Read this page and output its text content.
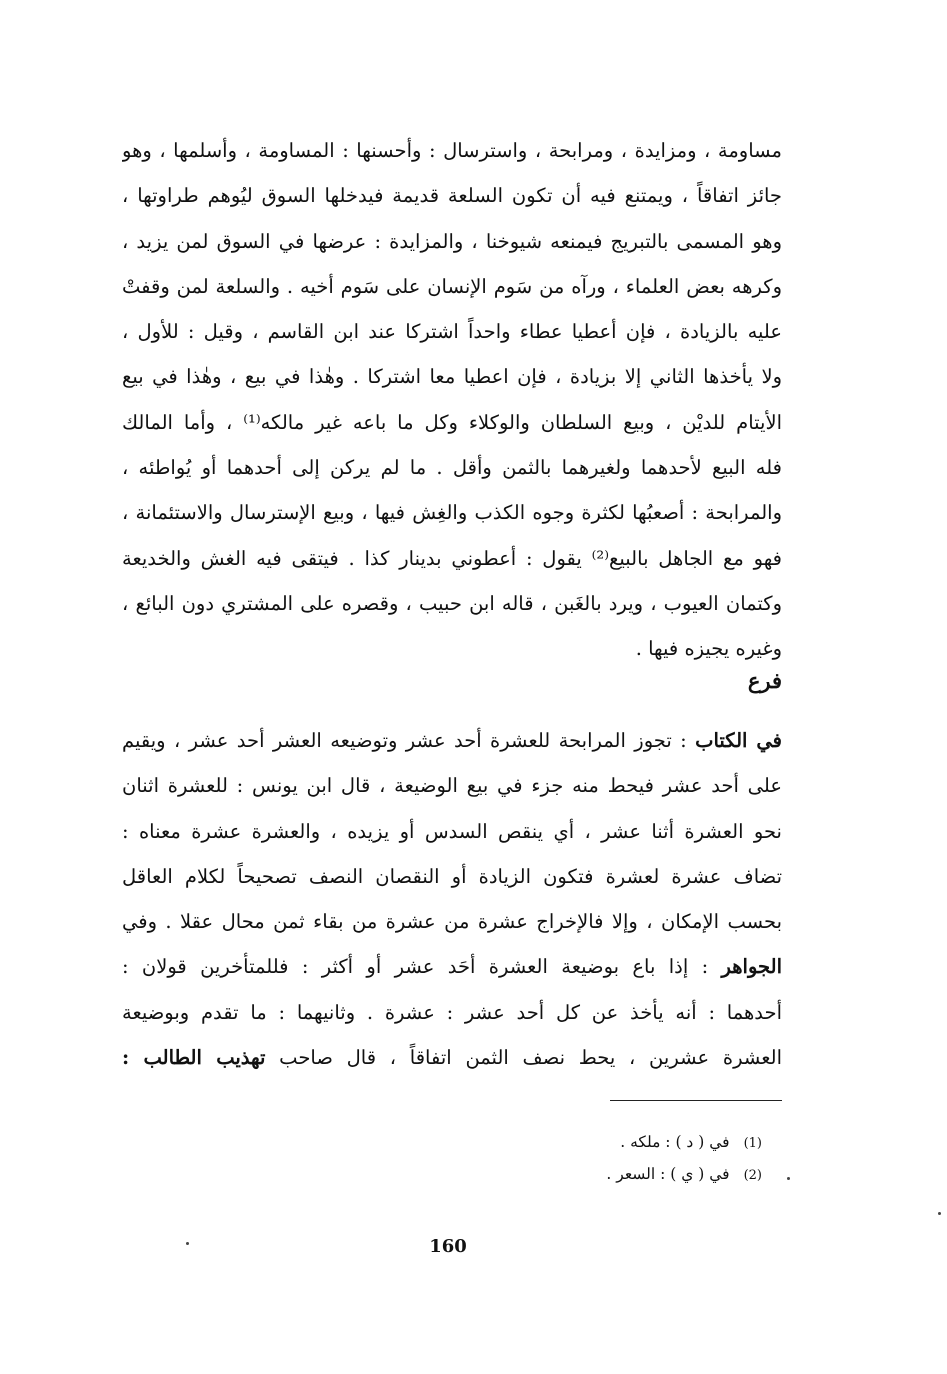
مساومة ، ومزايدة ، ومرابحة ، واسترسال : وأحسنها : المساومة ، وأسلمها ، وهو
جائز اتفاقاً ، ويمتنع فيه أن تكون السلعة قديمة فيدخلها السوق ليُوهم طراوتها ،
وهو المسمى بالتبريج فيمنعه شيوخنا ، والمزايدة : عرضها في السوق لمن يزيد ،
وكرهه بعض العلماء ، ورآه من سَوم الإنسان على سَوم أخيه . والسلعة لمن وقفتْ
عليه بالزيادة ، فإن أعطيا عطاء واحداً اشتركا عند ابن القاسم ، وقيل : للأول ،
ولا يأخذها الثاني إلا بزيادة ، فإن اعطيا معا اشتركا . وهٰذا في بيع ، وهٰذا في بيع
الأيتام للديْن ، وبيع السلطان والوكلاء وكل ما باعه غير مالكه⁽¹⁾ ، وأما المالك
فله البيع لأحدهما ولغيرهما بالثمن وأقل . ما لم يركن إلى أحدهما أو يُواطئه ،
والمرابحة : أصعبُها لكثرة وجوه الكذب والغِش فيها ، وبيع الإسترسال والاستئمانة ،
فهو مع الجاهل بالبيع⁽²⁾ يقول : أعطوني بدينار كذا . فيتقى فيه الغش والخديعة
وكتمان العيوب ، ويرد بالغَبن ، قاله ابن حبيب ، وقصره على المشتري دون البائع ،
وغيره يجيزه فيها .
فرع
في الكتاب : تجوز المرابحة للعشرة أحد عشر وتوضيعه العشر أحد عشر ، ويقيم
على أحد عشر فيحط منه جزء في بيع الوضيعة ، قال ابن يونس : للعشرة اثنان
نحو العشرة أثنا عشر ، أي ينقص السدس أو يزيده ، والعشرة عشرة معناه :
تضاف عشرة لعشرة فتكون الزيادة أو النقصان النصف تصحيحاً لكلام العاقل
بحسب الإمكان ، وإلا فالإخراج عشرة من عشرة من بقاء ثمن محال عقلا . وفي
الجواهر : إذا باع بوضيعة العشرة أحَد عشر أو أكثر : فللمتأخرين قولان :
أحدهما : أنه يأخذ عن كل أحد عشر : عشرة . وثانيهما : ما تقدم وبوضيعة
العشرة عشرين ، يحط نصف الثمن اتفاقاً ، قال صاحب تهذيب الطالب :
(1)في ( د ) : ملكه .
(2)في ( ي ) : السعر .
160
